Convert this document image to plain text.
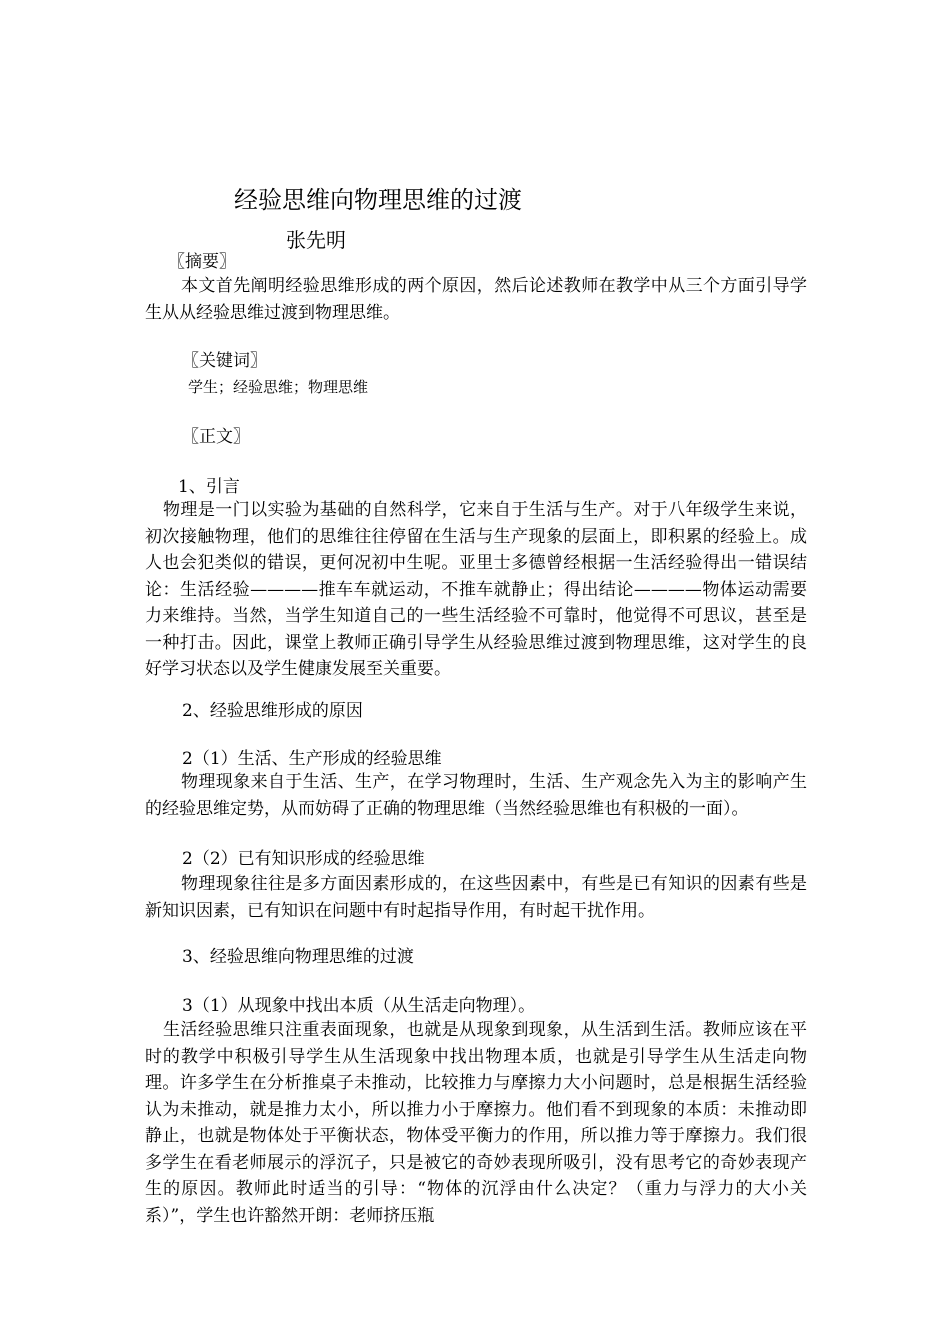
经验思维向物理思维的过渡
张先明
〖摘要〗
本文首先阐明经验思维形成的两个原因，然后论述教师在教学中从三个方面引导学生从从经验思维过渡到物理思维。
〖关键词〗
学生；经验思维；物理思维
〖正文〗
1、引言
物理是一门以实验为基础的自然科学，它来自于生活与生产。对于八年级学生来说，初次接触物理，他们的思维往往停留在生活与生产现象的层面上，即积累的经验上。成人也会犯类似的错误，更何况初中生呢。亚里士多德曾经根据一生活经验得出一错误结论：生活经验————推车车就运动，不推车就静止；得出结论————物体运动需要力来维持。当然，当学生知道自己的一些生活经验不可靠时，他觉得不可思议，甚至是一种打击。因此，课堂上教师正确引导学生从经验思维过渡到物理思维，这对学生的良好学习状态以及学生健康发展至关重要。
2、经验思维形成的原因
2（1）生活、生产形成的经验思维
物理现象来自于生活、生产，在学习物理时，生活、生产观念先入为主的影响产生的经验思维定势，从而妨碍了正确的物理思维（当然经验思维也有积极的一面）。
2（2）已有知识形成的经验思维
物理现象往往是多方面因素形成的，在这些因素中，有些是已有知识的因素有些是新知识因素，已有知识在问题中有时起指导作用，有时起干扰作用。
3、经验思维向物理思维的过渡
3（1）从现象中找出本质（从生活走向物理）。
生活经验思维只注重表面现象，也就是从现象到现象，从生活到生活。教师应该在平时的教学中积极引导学生从生活现象中找出物理本质，也就是引导学生从生活走向物理。许多学生在分析推桌子未推动，比较推力与摩擦力大小问题时，总是根据生活经验认为未推动，就是推力太小，所以推力小于摩擦力。他们看不到现象的本质：未推动即静止，也就是物体处于平衡状态，物体受平衡力的作用，所以推力等于摩擦力。我们很多学生在看老师展示的浮沉子，只是被它的奇妙表现所吸引，没有思考它的奇妙表现产生的原因。教师此时适当的引导：“物体的沉浮由什么决定？（重力与浮力的大小关系）”，学生也许豁然开朗：老师挤压瓶
